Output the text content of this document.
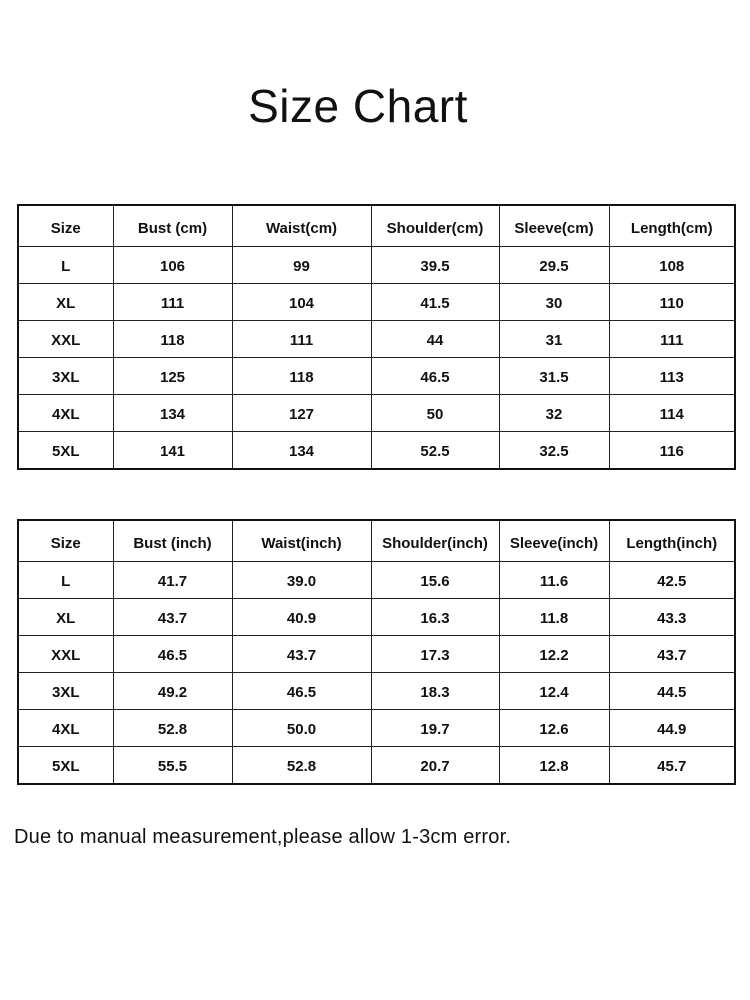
Size Chart
Size	Bust (cm)	Waist(cm)	Shoulder(cm)	Sleeve(cm)	Length(cm)
L	106	99	39.5	29.5	108
XL	111	104	41.5	30	110
XXL	118	111	44	31	111
3XL	125	118	46.5	31.5	113
4XL	134	127	50	32	114
5XL	141	134	52.5	32.5	116
Size	Bust (inch)	Waist(inch)	Shoulder(inch)	Sleeve(inch)	Length(inch)
L	41.7	39.0	15.6	11.6	42.5
XL	43.7	40.9	16.3	11.8	43.3
XXL	46.5	43.7	17.3	12.2	43.7
3XL	49.2	46.5	18.3	12.4	44.5
4XL	52.8	50.0	19.7	12.6	44.9
5XL	55.5	52.8	20.7	12.8	45.7
Due to manual measurement,please allow 1-3cm error.
